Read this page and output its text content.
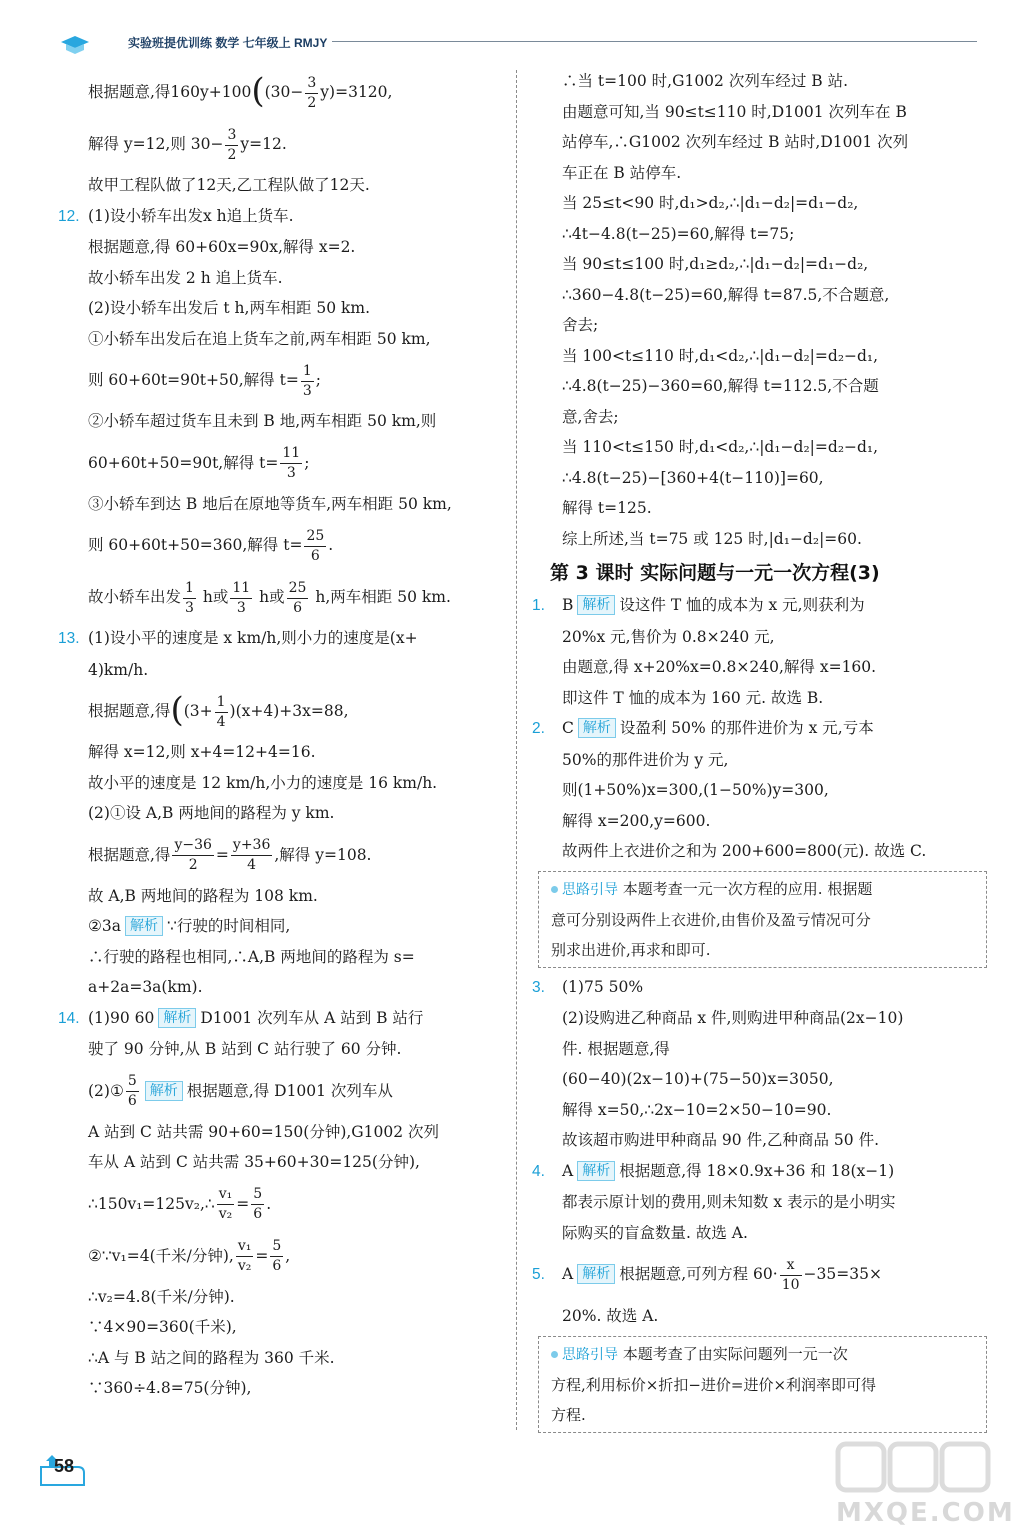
实验班提优训练 数学 七年级上 RMJY
根据题意,得$160y+100((30- \frac{3}{2} y)=3120$,
解得 y=12,则 $30- \frac{3}{2} y=12$.
故甲工程队做了12天,乙工程队做了12天.
12. (1)设小轿车出发x h追上货车.
根据题意,得 60+60x=90x,解得 x=2.
故小轿车出发 2 h 追上货车.
(2)设小轿车出发后 t h,两车相距 50 km.
①小轿车出发后在追上货车之前,两车相距 50 km,
则 60+60t=90t+50,解得 $t= \frac{1}{3}$ ;
②小轿车超过货车且未到 B 地,两车相距 50 km,则
60+60t+50=90t,解得 $t= \frac{11}{3}$ ;
③小轿车到达 B 地后在原地等货车,两车相距 50 km,
则 60+60t+50=360,解得 $t= \frac{25}{6}$ .
故小轿车出发 $\frac{1}{3}$ h或 $\frac{11}{3}$ h或 $\frac{25}{6} h$,两车相距 50 km.
13. (1)设小平的速度是 x km/h,则小力的速度是(x+
4)km/h.
根据题意,得($(3+ \frac{1}{4} )(x+4)+3x=88$,
解得 x=12,则 x+4=12+4=16.
故小平的速度是 12 km/h,小力的速度是 16 km/h.
(2)①设 A,B 两地间的路程为 y km.
根据题意,得 $\frac{y-36}{2} = \frac{y+36}{4}$ ,解得 y=108.
故 A,B 两地间的路程为 108 km.
②3a 解析 ∵行驶的时间相同,
∴行驶的路程也相同,∴A,B 两地间的路程为 s=
a+2a=3a(km).
14. (1)90 60 解析 D1001 次列车从 A 站到 B 站行
驶了 90 分钟,从 B 站到 C 站行驶了 60 分钟.
(2)① $\frac{5}{6}$ 解析 根据题意,得 D1001 次列车从
A 站到 C 站共需 90+60=150(分钟),G1002 次列
车从 A 站到 C 站共需 35+60+30=125(分钟),
∴150v₁=125v₂,∴ $\frac{\text{v₁}}{\text{v₂}} = \frac{5}{6}$ .
②∵v₁=4(千米/分钟), $\frac{\text{v₁}}{\text{v₂}} = \frac{5}{6}$ ,
∴v₂=4.8(千米/分钟).
∵4×90=360(千米),
∴A 与 B 站之间的路程为 360 千米.
∵360÷4.8=75(分钟),
∴当 t=100 时,G1002 次列车经过 B 站.
由题意可知,当 90≤t≤110 时,D1001 次列车在 B
站停车,∴G1002 次列车经过 B 站时,D1001 次列
车正在 B 站停车.
当 25≤t<90 时,d₁>d₂,∴|d₁−d₂|=d₁−d₂,
∴4t−4.8(t−25)=60,解得 t=75;
当 90≤t≤100 时,d₁≥d₂,∴|d₁−d₂|=d₁−d₂,
∴360−4.8(t−25)=60,解得 t=87.5,不合题意,
舍去;
当 100<t≤110 时,d₁<d₂,∴|d₁−d₂|=d₂−d₁,
∴4.8(t−25)−360=60,解得 t=112.5,不合题
意,舍去;
当 110<t≤150 时,d₁<d₂,∴|d₁−d₂|=d₂−d₁,
∴4.8(t−25)−[360+4(t−110)]=60,
解得 t=125.
综上所述,当 t=75 或 125 时,|d₁−d₂|=60.
第 3 课时 实际问题与一元一次方程(3)
1. B 解析 设这件 T 恤的成本为 x 元,则获利为
20%x 元,售价为 0.8×240 元,
由题意,得 x+20%x=0.8×240,解得 x=160.
即这件 T 恤的成本为 160 元. 故选 B.
2. C 解析 设盈利 50% 的那件进价为 x 元,亏本
50%的那件进价为 y 元,
则(1+50%)x=300,(1−50%)y=300,
解得 x=200,y=600.
故两件上衣进价之和为 200+600=800(元). 故选 C.
思路引导 本题考查一元一次方程的应用. 根据题
意可分别设两件上衣进价,由售价及盈亏情况可分
别求出进价,再求和即可.
3. (1)75 50%
(2)设购进乙种商品 x 件,则购进甲种商品(2x−10)
件. 根据题意,得
(60−40)(2x−10)+(75−50)x=3050,
解得 x=50,∴2x−10=2×50−10=90.
故该超市购进甲种商品 90 件,乙种商品 50 件.
4. A 解析 根据题意,得 18×0.9x+36 和 18(x−1)
都表示原计划的费用,则未知数 x 表示的是小明实
际购买的盲盒数量. 故选 A.
5. A 解析 根据题意,可列方程 $60\cdot \frac{x}{10} -35=35\times$
20%. 故选 A.
思路引导 本题考查了由实际问题列一元一次
方程,利用标价×折扣−进价=进价×利润率即可得
方程.
58
MXQE.COM
